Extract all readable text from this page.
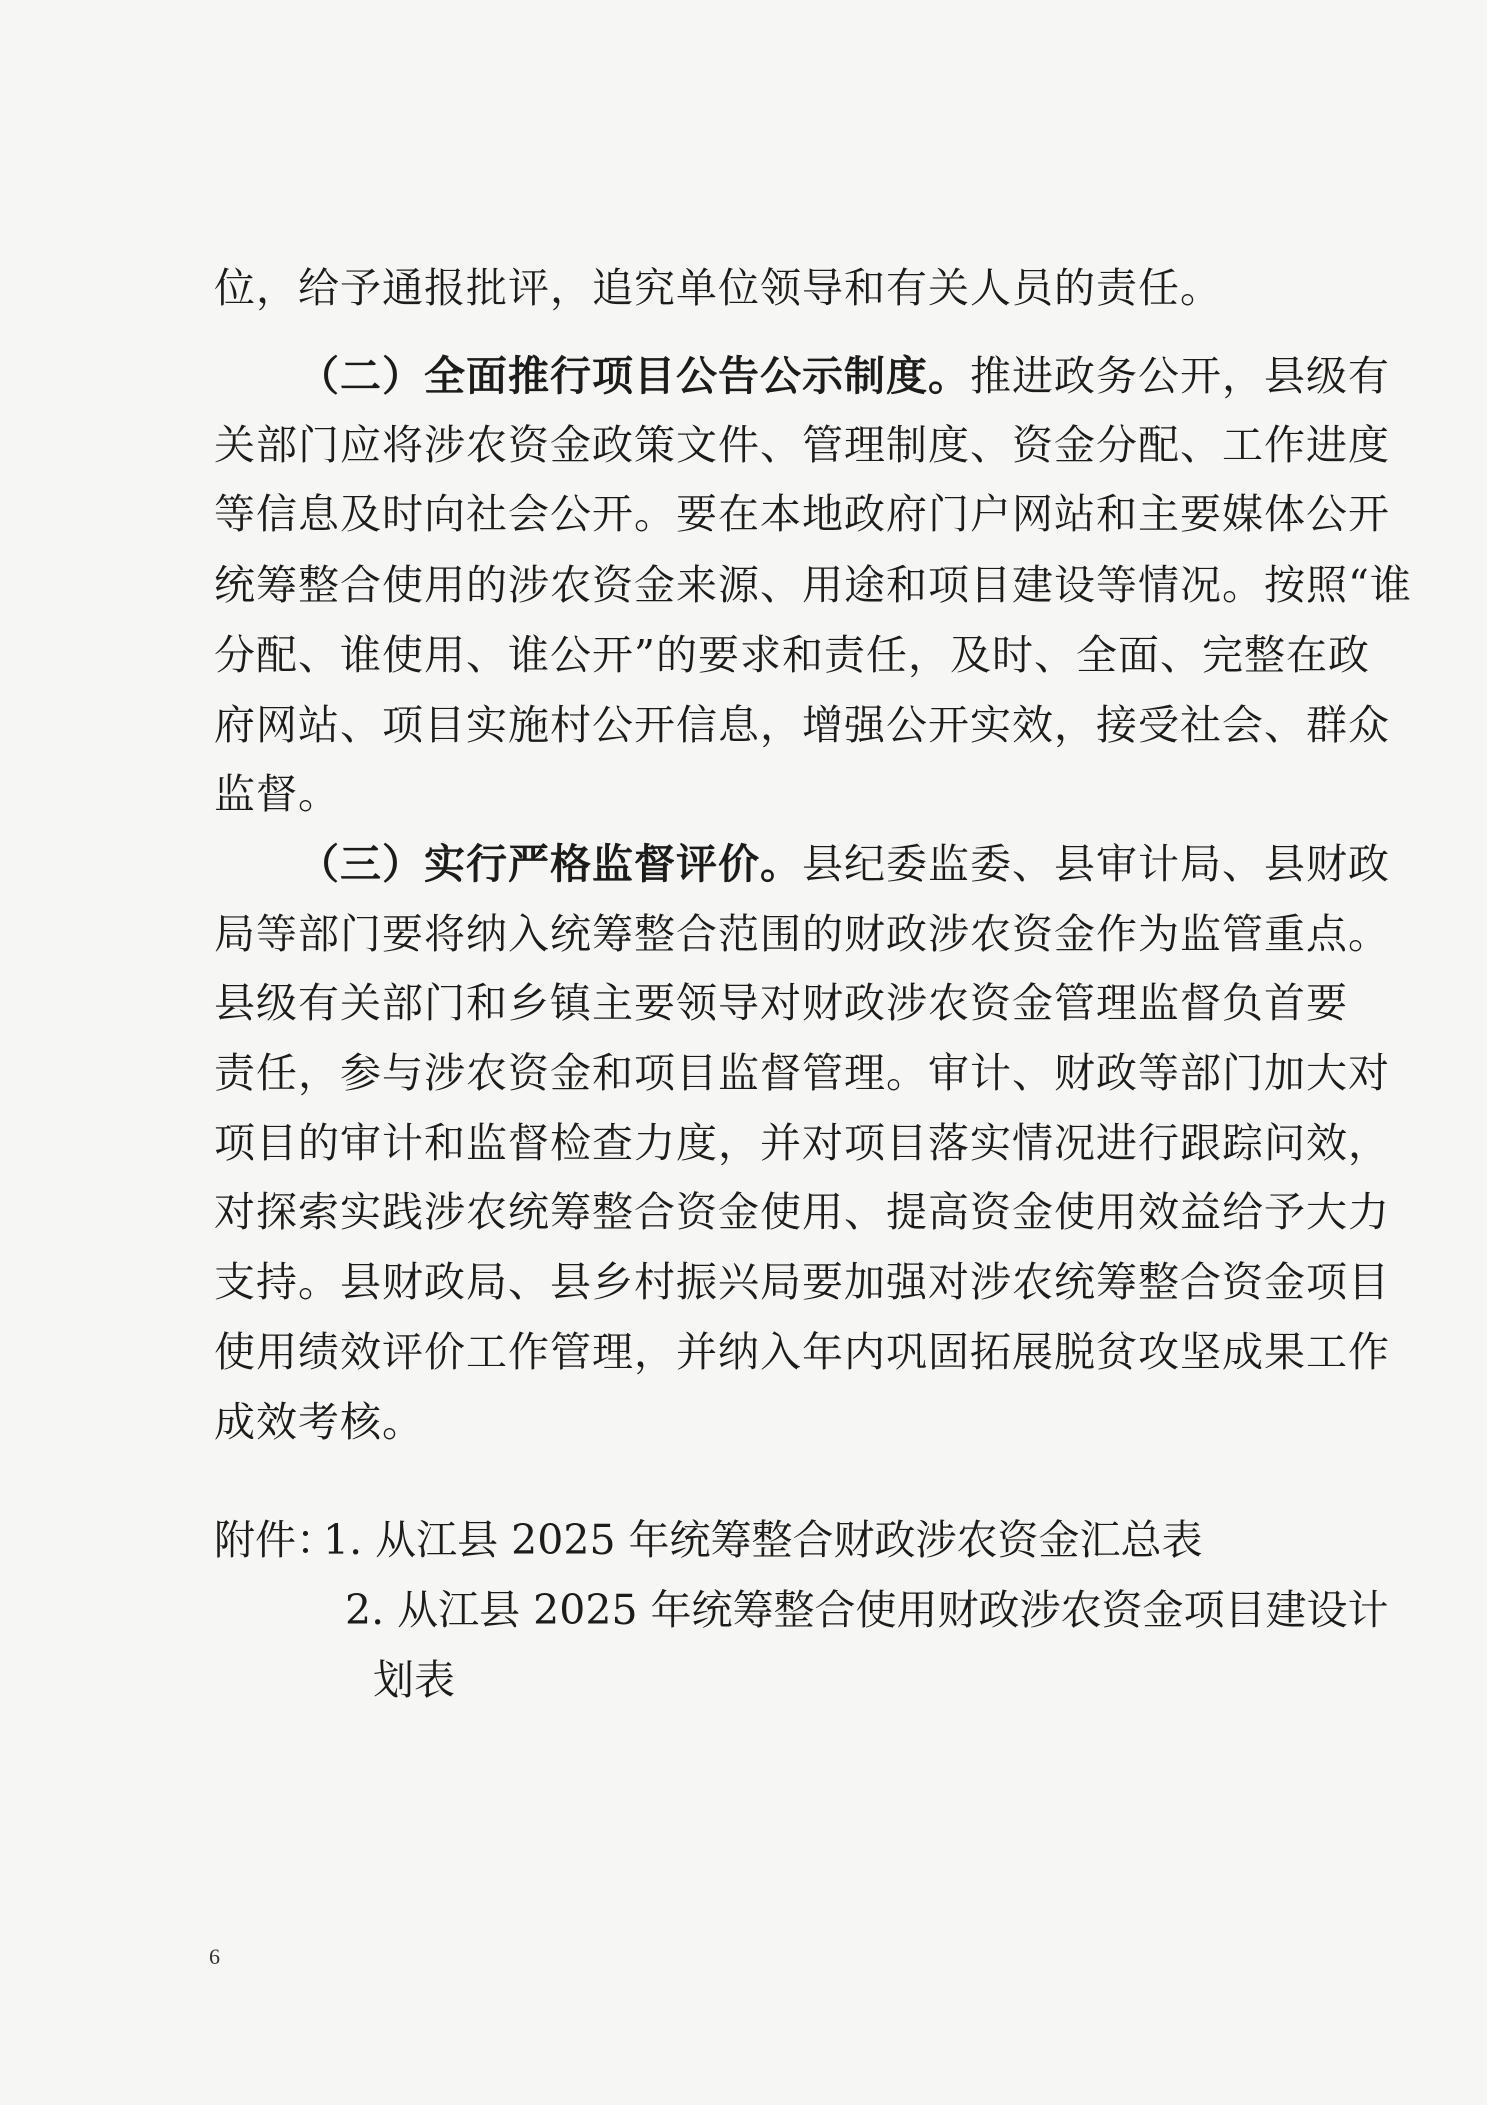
位，给予通报批评，追究单位领导和有关人员的责任。
（二）全面推行项目公告公示制度。推进政务公开，县级有
关部门应将涉农资金政策文件、管理制度、资金分配、工作进度
等信息及时向社会公开。要在本地政府门户网站和主要媒体公开
统筹整合使用的涉农资金来源、用途和项目建设等情况。按照“谁
分配、谁使用、谁公开”的要求和责任，及时、全面、完整在政
府网站、项目实施村公开信息，增强公开实效，接受社会、群众
监督。
（三）实行严格监督评价。县纪委监委、县审计局、县财政
局等部门要将纳入统筹整合范围的财政涉农资金作为监管重点。
县级有关部门和乡镇主要领导对财政涉农资金管理监督负首要
责任，参与涉农资金和项目监督管理。审计、财政等部门加大对
项目的审计和监督检查力度，并对项目落实情况进行跟踪问效，
对探索实践涉农统筹整合资金使用、提高资金使用效益给予大力
支持。县财政局、县乡村振兴局要加强对涉农统筹整合资金项目
使用绩效评价工作管理，并纳入年内巩固拓展脱贫攻坚成果工作
成效考核。
附件：
1. 从江县 2025 年统筹整合财政涉农资金汇总表
2. 从江县 2025 年统筹整合使用财政涉农资金项目建设计
划表
6
